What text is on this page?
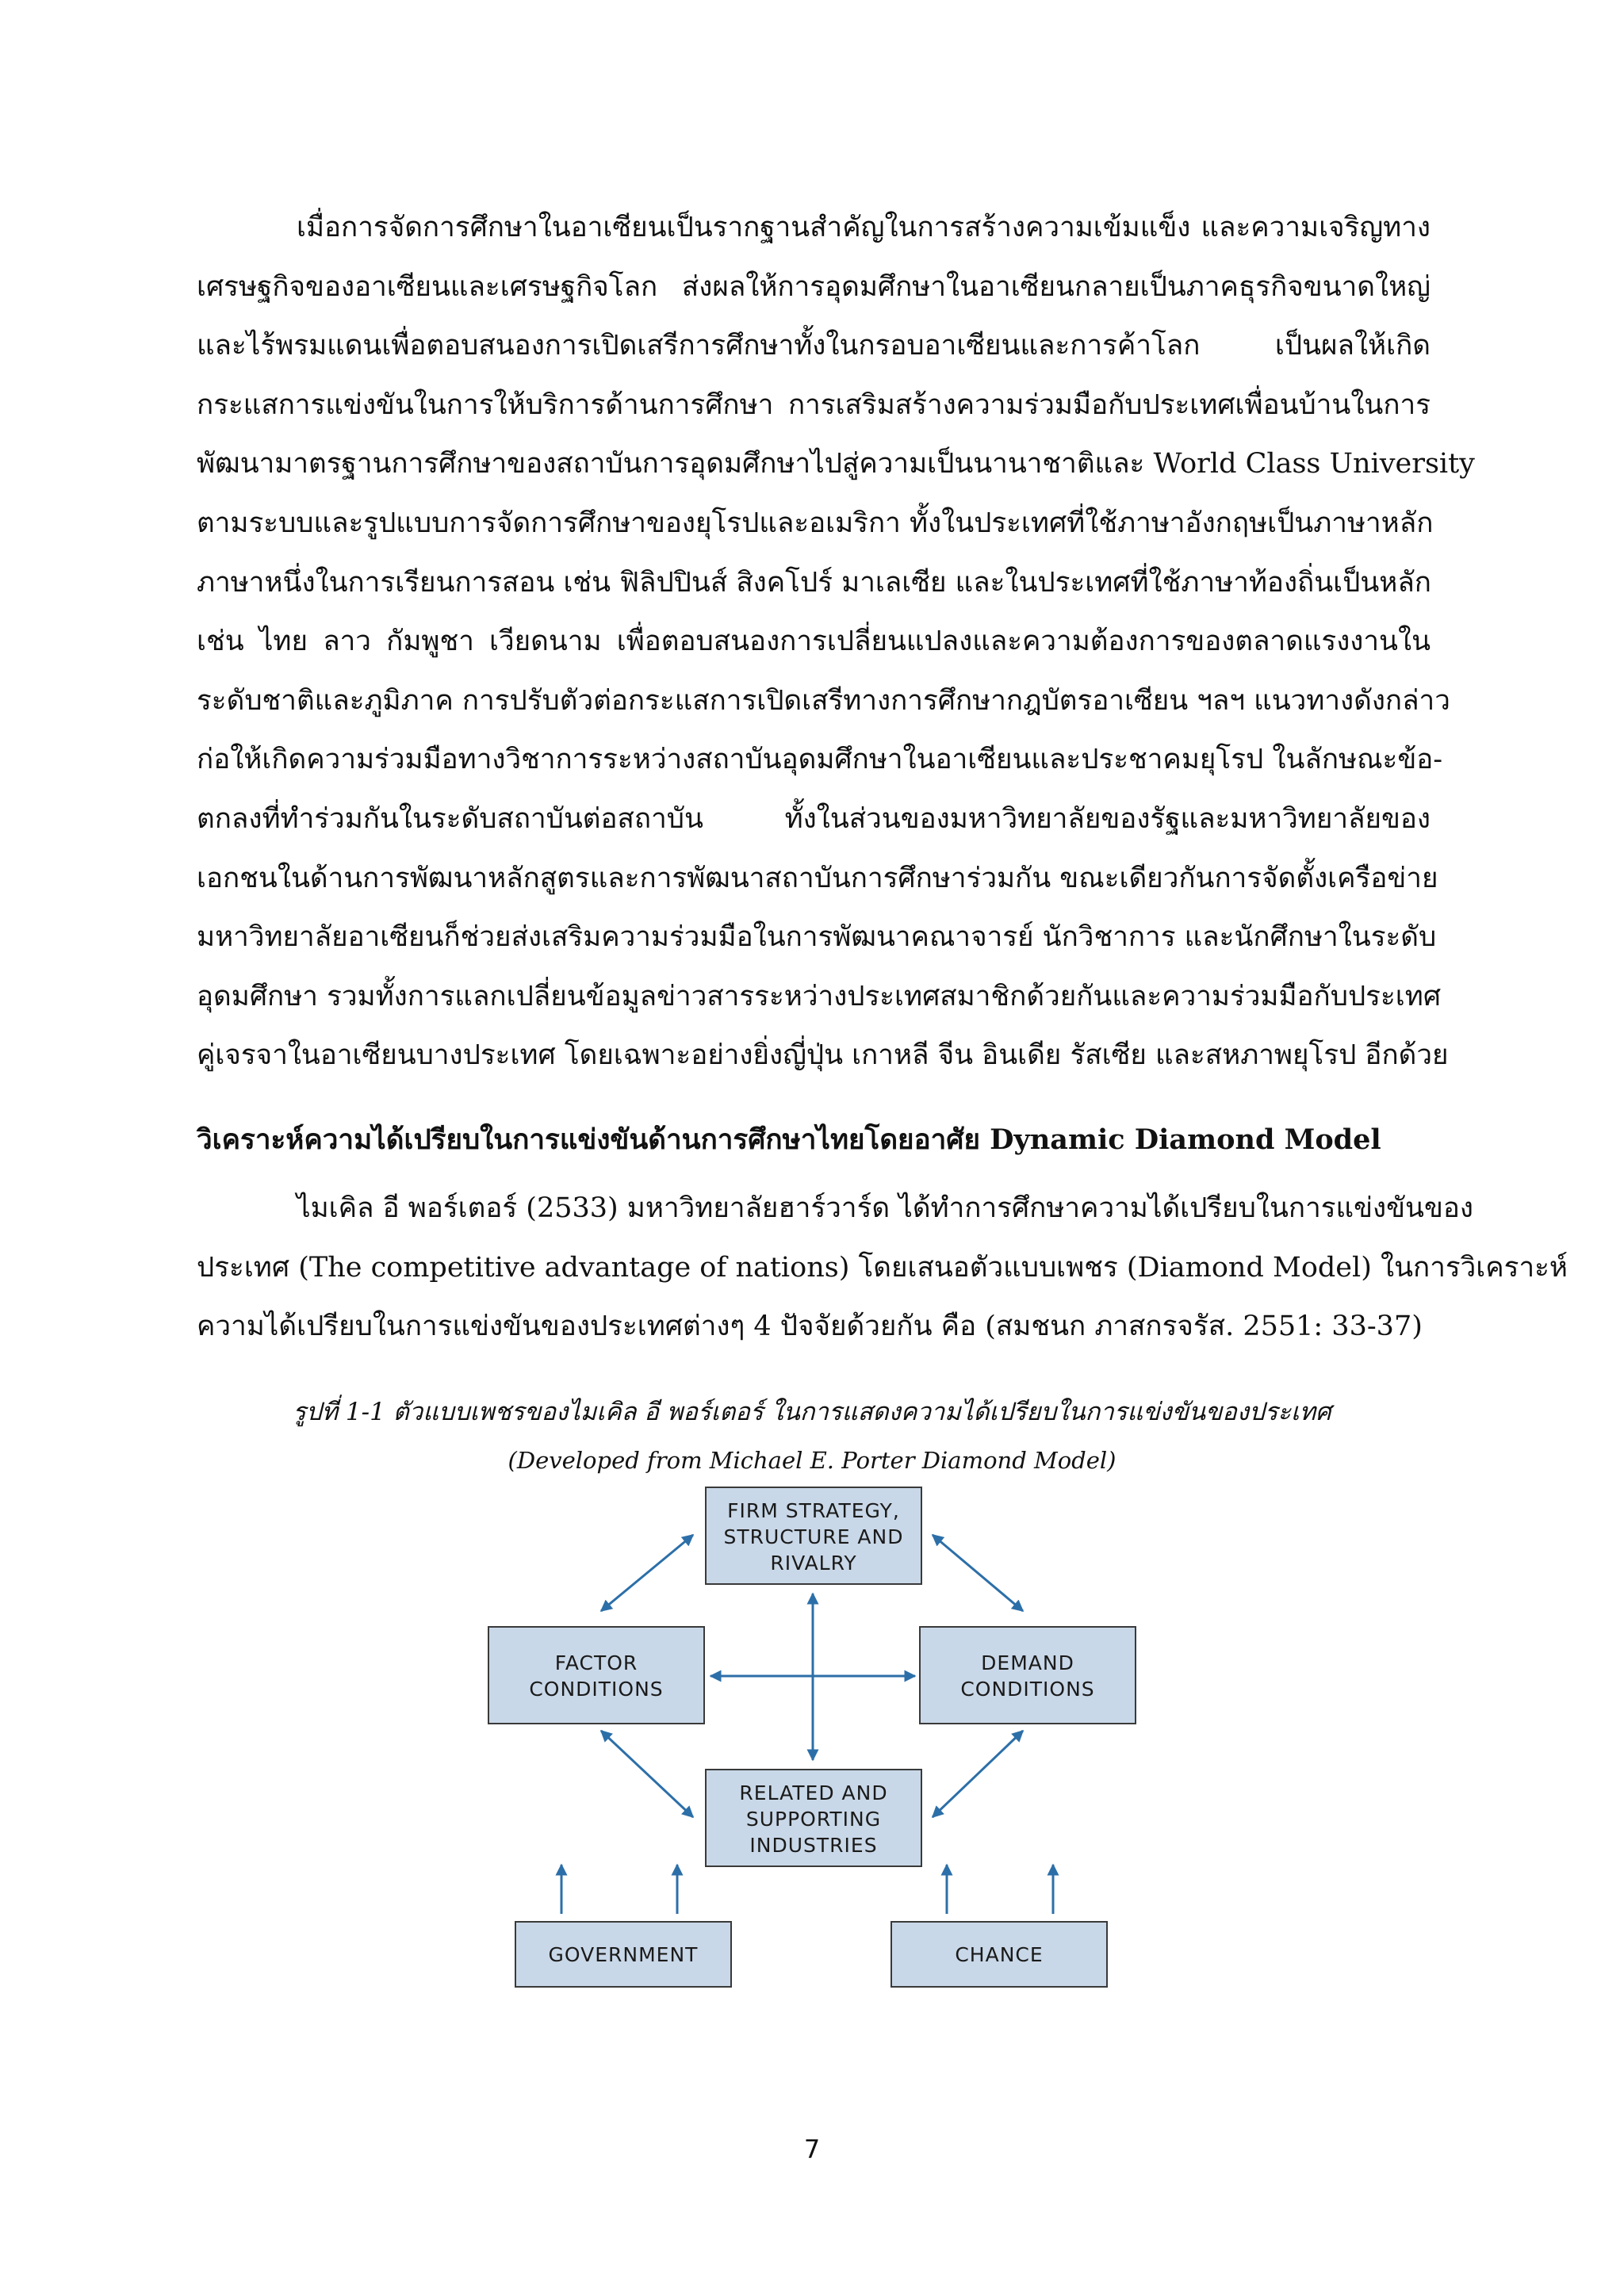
เมื่อการจัดการศึกษาในอาเซียนเป็นรากฐานสำคัญในการสร้างความเข้มแข็ง และความเจริญทาง
เศรษฐกิจของอาเซียนและเศรษฐกิจโลก ส่งผลให้การอุดมศึกษาในอาเซียนกลายเป็นภาคธุรกิจขนาดใหญ่
และไร้พรมแดนเพื่อตอบสนองการเปิดเสรีการศึกษาทั้งในกรอบอาเซียนและการค้าโลก เป็นผลให้เกิด
กระแสการแข่งขันในการให้บริการด้านการศึกษา การเสริมสร้างความร่วมมือกับประเทศเพื่อนบ้านในการ
พัฒนามาตรฐานการศึกษาของสถาบันการอุดมศึกษาไปสู่ความเป็นนานาชาติและ World Class University
ตามระบบและรูปแบบการจัดการศึกษาของยุโรปและอเมริกา ทั้งในประเทศที่ใช้ภาษาอังกฤษเป็นภาษาหลัก
ภาษาหนึ่งในการเรียนการสอน เช่น ฟิลิปปินส์ สิงคโปร์ มาเลเซีย และในประเทศที่ใช้ภาษาท้องถิ่นเป็นหลัก
เช่น ไทย ลาว กัมพูชา เวียดนาม เพื่อตอบสนองการเปลี่ยนแปลงและความต้องการของตลาดแรงงานใน
ระดับชาติและภูมิภาค การปรับตัวต่อกระแสการเปิดเสรีทางการศึกษากฎบัตรอาเซียน ฯลฯ แนวทางดังกล่าว
ก่อให้เกิดความร่วมมือทางวิชาการระหว่างสถาบันอุดมศึกษาในอาเซียนและประชาคมยุโรป ในลักษณะข้อ-
ตกลงที่ทำร่วมกันในระดับสถาบันต่อสถาบัน ทั้งในส่วนของมหาวิทยาลัยของรัฐและมหาวิทยาลัยของ
เอกชนในด้านการพัฒนาหลักสูตรและการพัฒนาสถาบันการศึกษาร่วมกัน ขณะเดียวกันการจัดตั้งเครือข่าย
มหาวิทยาลัยอาเซียนก็ช่วยส่งเสริมความร่วมมือในการพัฒนาคณาจารย์ นักวิชาการ และนักศึกษาในระดับ
อุดมศึกษา รวมทั้งการแลกเปลี่ยนข้อมูลข่าวสารระหว่างประเทศสมาชิกด้วยกันและความร่วมมือกับประเทศ
คู่เจรจาในอาเซียนบางประเทศ โดยเฉพาะอย่างยิ่งญี่ปุ่น เกาหลี จีน อินเดีย รัสเซีย และสหภาพยุโรป อีกด้วย

วิเคราะห์ความได้เปรียบในการแข่งขันด้านการศึกษาไทยโดยอาศัย Dynamic Diamond Model

ไมเคิล อี พอร์เตอร์ (2533) มหาวิทยาลัยฮาร์วาร์ด ได้ทำการศึกษาความได้เปรียบในการแข่งขันของ
ประเทศ (The competitive advantage of nations) โดยเสนอตัวแบบเพชร (Diamond Model) ในการวิเคราะห์
ความได้เปรียบในการแข่งขันของประเทศต่างๆ 4 ปัจจัยด้วยกัน คือ (สมชนก ภาสกรจรัส. 2551: 33-37)

รูปที่ 1-1 ตัวแบบเพชรของไมเคิล อี พอร์เตอร์ ในการแสดงความได้เปรียบในการแข่งขันของประเทศ

(Developed from Michael E. Porter Diamond Model)

FIRM STRATEGY,
STRUCTURE AND
RIVALRY
FACTOR
CONDITIONS
DEMAND
CONDITIONS
RELATED AND
SUPPORTING
INDUSTRIES
GOVERNMENT	CHANCE

7
